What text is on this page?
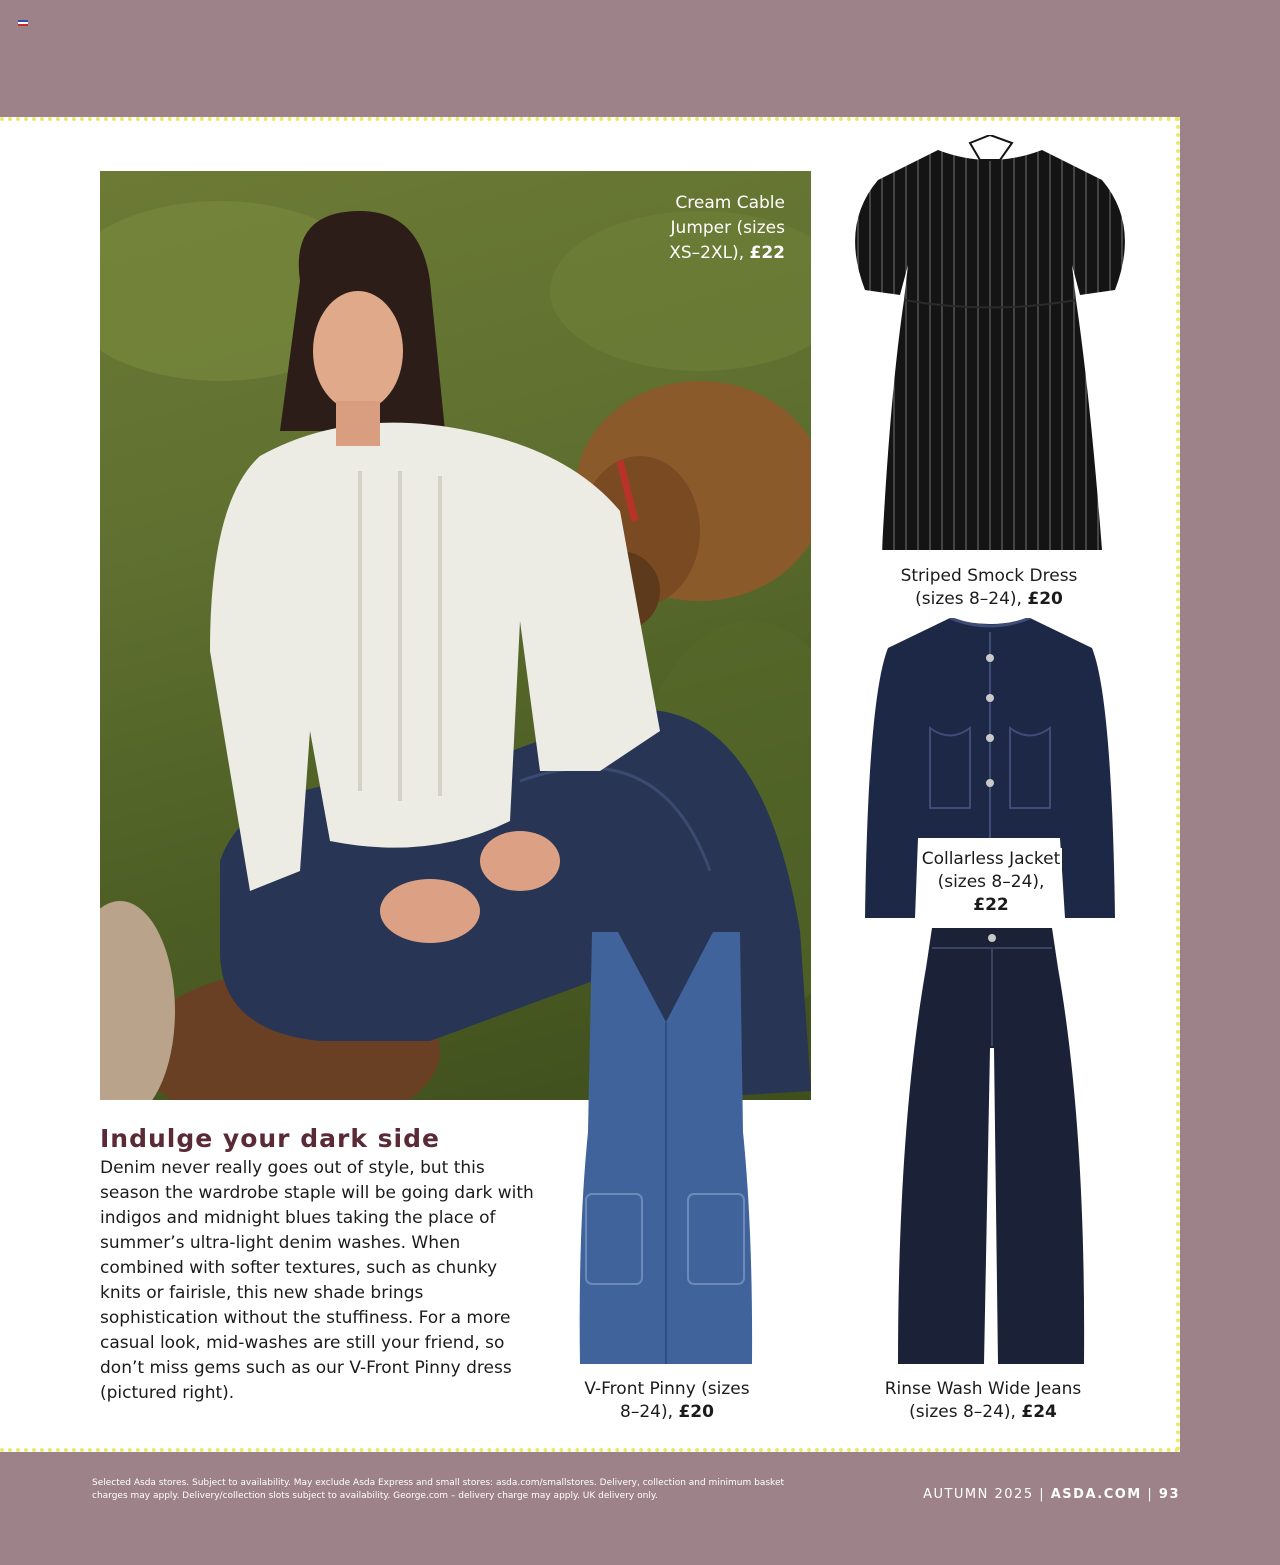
Cream Cable Jumper (sizes XS–2XL), £22
Striped Smock Dress (sizes 8–24), £20
Collarless Jacket (sizes 8–24), £22
V-Front Pinny (sizes 8–24), £20
Rinse Wash Wide Jeans (sizes 8–24), £24
Indulge your dark side

Denim never really goes out of style, but this season the wardrobe staple will be going dark with indigos and midnight blues taking the place of summer’s ultra-light denim washes. When combined with softer textures, such as chunky knits or fairisle, this new shade brings sophistication without the stuffiness. For a more casual look, mid-washes are still your friend, so don’t miss gems such as our V-Front Pinny dress (pictured right).

Selected Asda stores. Subject to availability. May exclude Asda Express and small stores: asda.com/smallstores. Delivery, collection and minimum basket charges may apply. Delivery/collection slots subject to availability. George.com – delivery charge may apply. UK delivery only.	AUTUMN 2025 | ASDA.COM | 93
